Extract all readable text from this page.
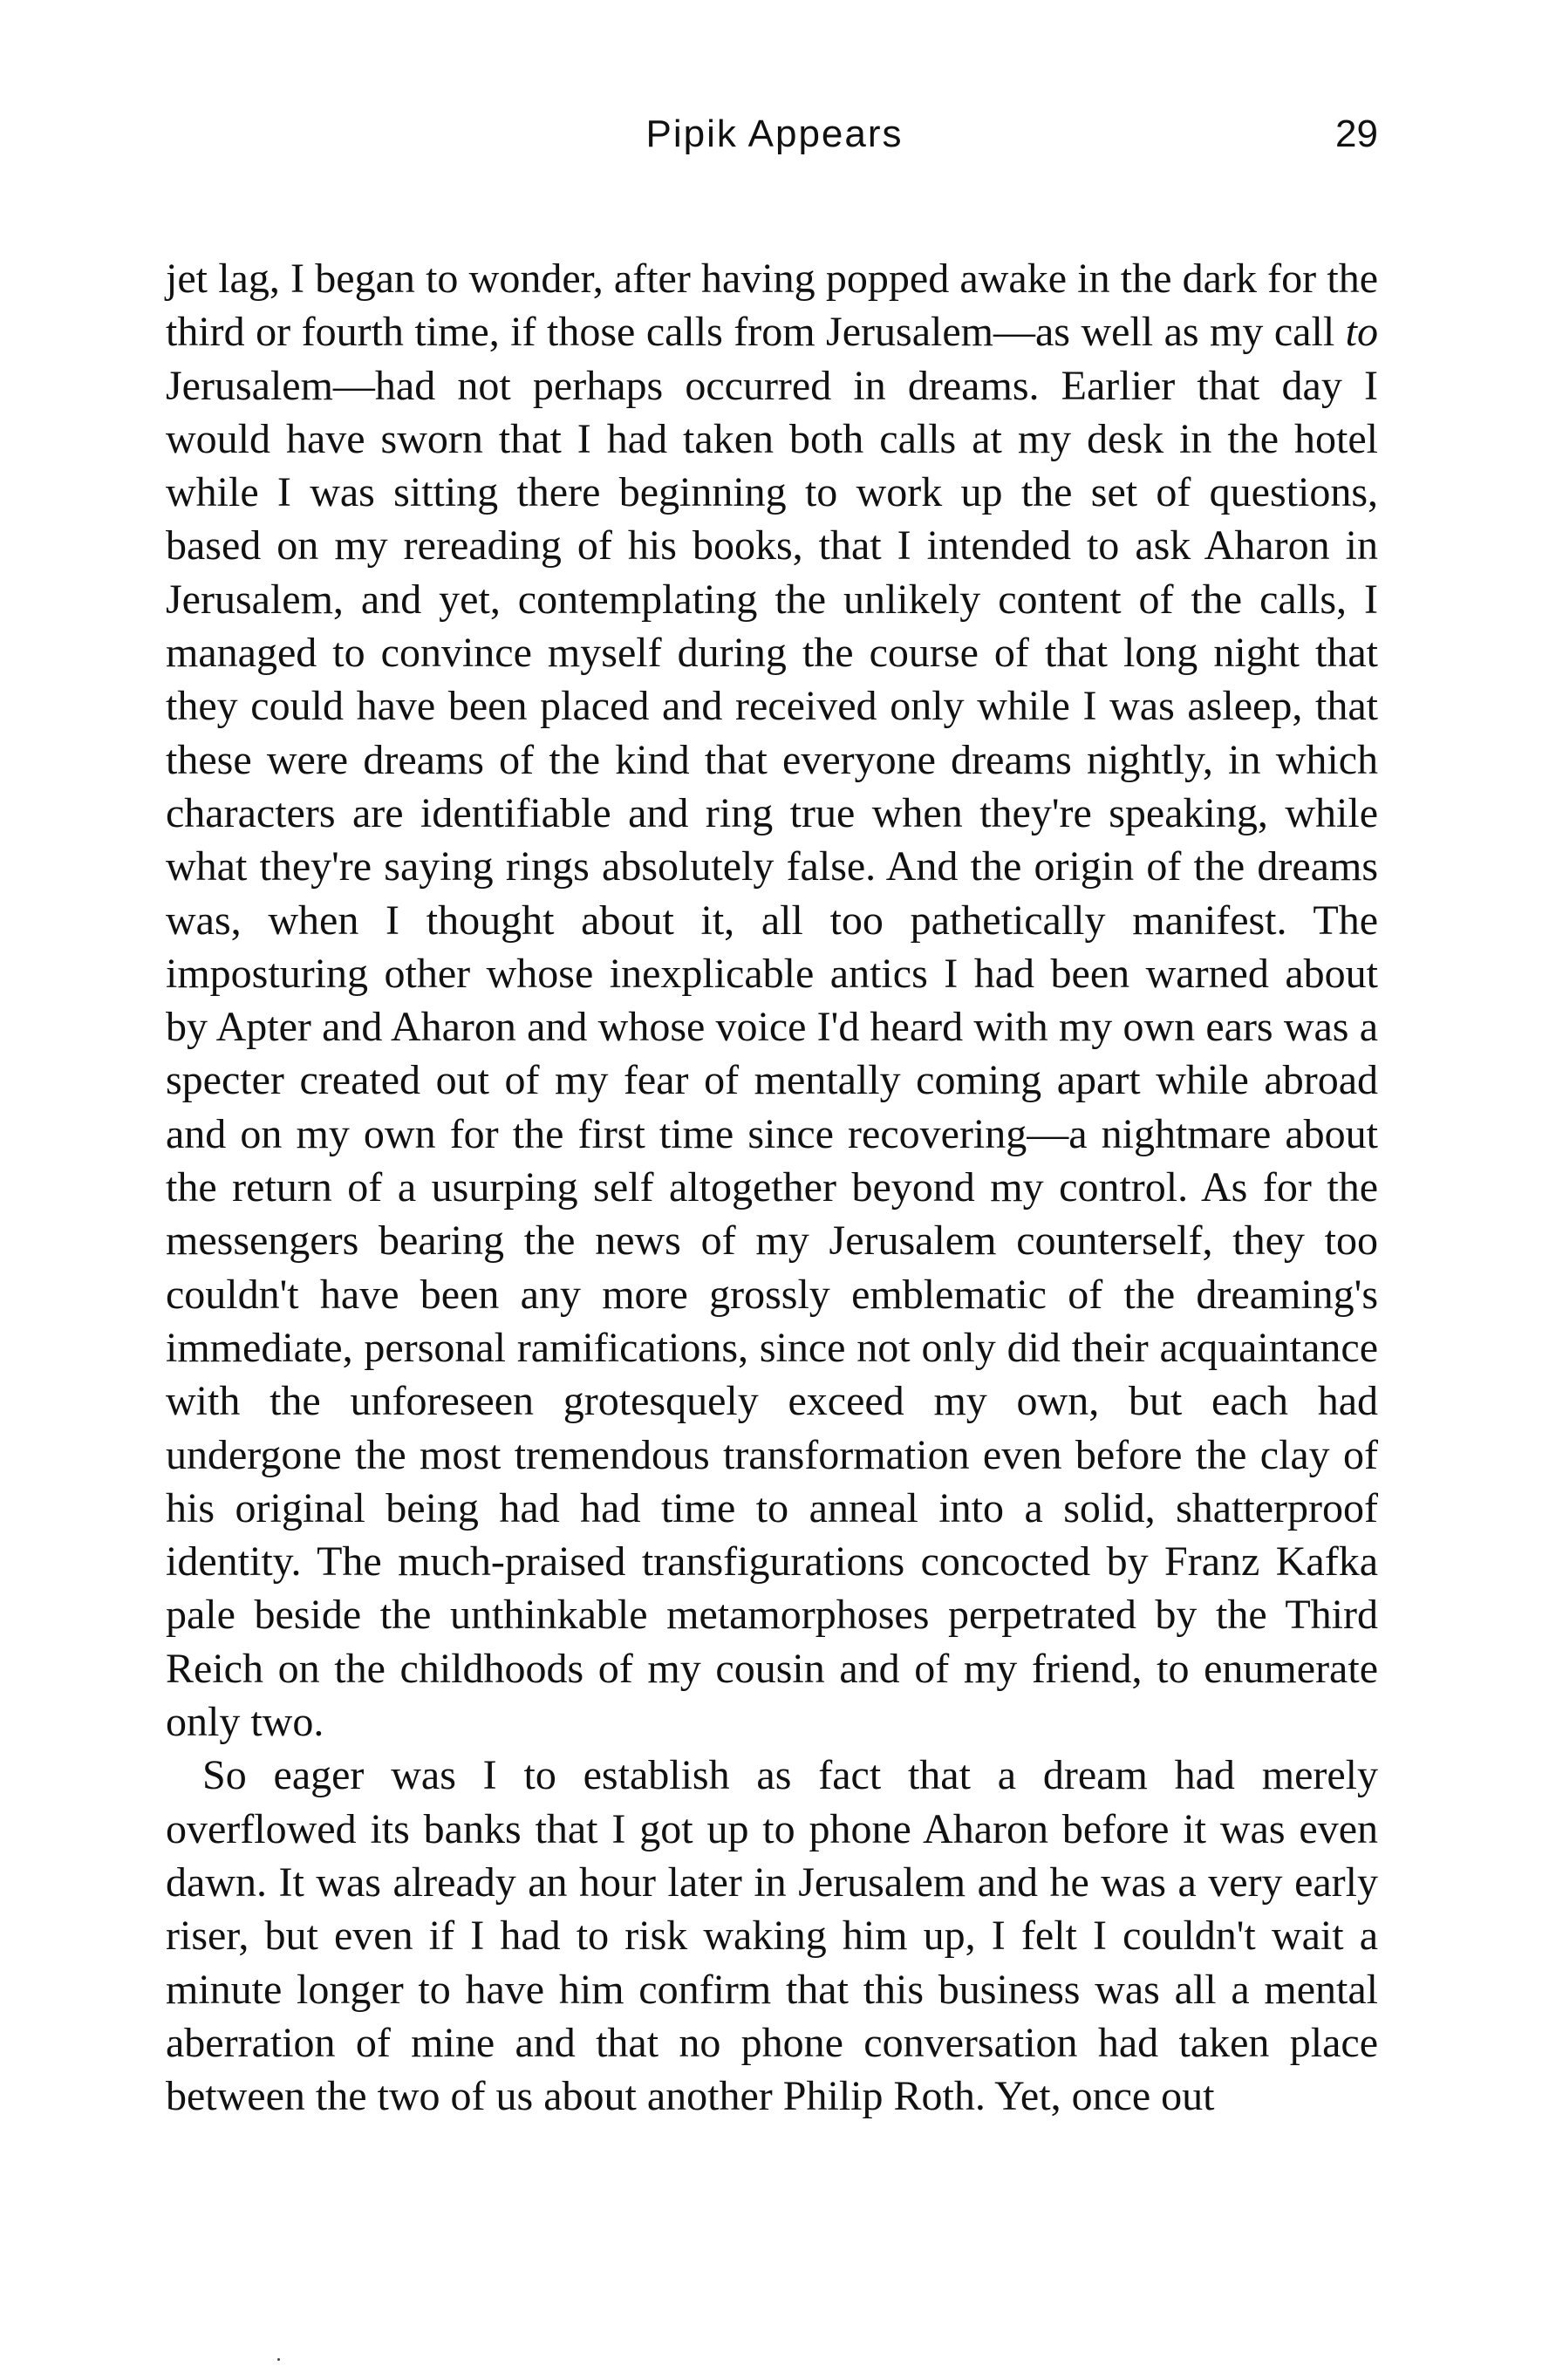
Pipik Appears	29

jet lag, I began to wonder, after having popped awake in the dark for the third or fourth time, if those calls from Jerusalem—as well as my call to Jerusalem—had not perhaps occurred in dreams. Earlier that day I would have sworn that I had taken both calls at my desk in the hotel while I was sitting there beginning to work up the set of questions, based on my rereading of his books, that I intended to ask Aharon in Jerusalem, and yet, contemplating the unlikely content of the calls, I managed to convince myself during the course of that long night that they could have been placed and received only while I was asleep, that these were dreams of the kind that everyone dreams nightly, in which characters are identifiable and ring true when they're speaking, while what they're saying rings absolutely false. And the origin of the dreams was, when I thought about it, all too pathetically manifest. The imposturing other whose inexplicable antics I had been warned about by Apter and Aharon and whose voice I'd heard with my own ears was a specter created out of my fear of mentally coming apart while abroad and on my own for the first time since recovering—a nightmare about the return of a usurping self altogether beyond my control. As for the messengers bearing the news of my Jerusalem counterself, they too couldn't have been any more grossly emblematic of the dreaming's immediate, personal ramifications, since not only did their acquaintance with the unforeseen grotesquely exceed my own, but each had undergone the most tremendous transformation even before the clay of his original being had had time to anneal into a solid, shatterproof identity. The much-praised transfigurations concocted by Franz Kafka pale beside the unthinkable metamorphoses perpetrated by the Third Reich on the childhoods of my cousin and of my friend, to enumerate only two.

So eager was I to establish as fact that a dream had merely overflowed its banks that I got up to phone Aharon before it was even dawn. It was already an hour later in Jerusalem and he was a very early riser, but even if I had to risk waking him up, I felt I couldn't wait a minute longer to have him confirm that this business was all a mental aberration of mine and that no phone conversation had taken place between the two of us about another Philip Roth. Yet, once out
